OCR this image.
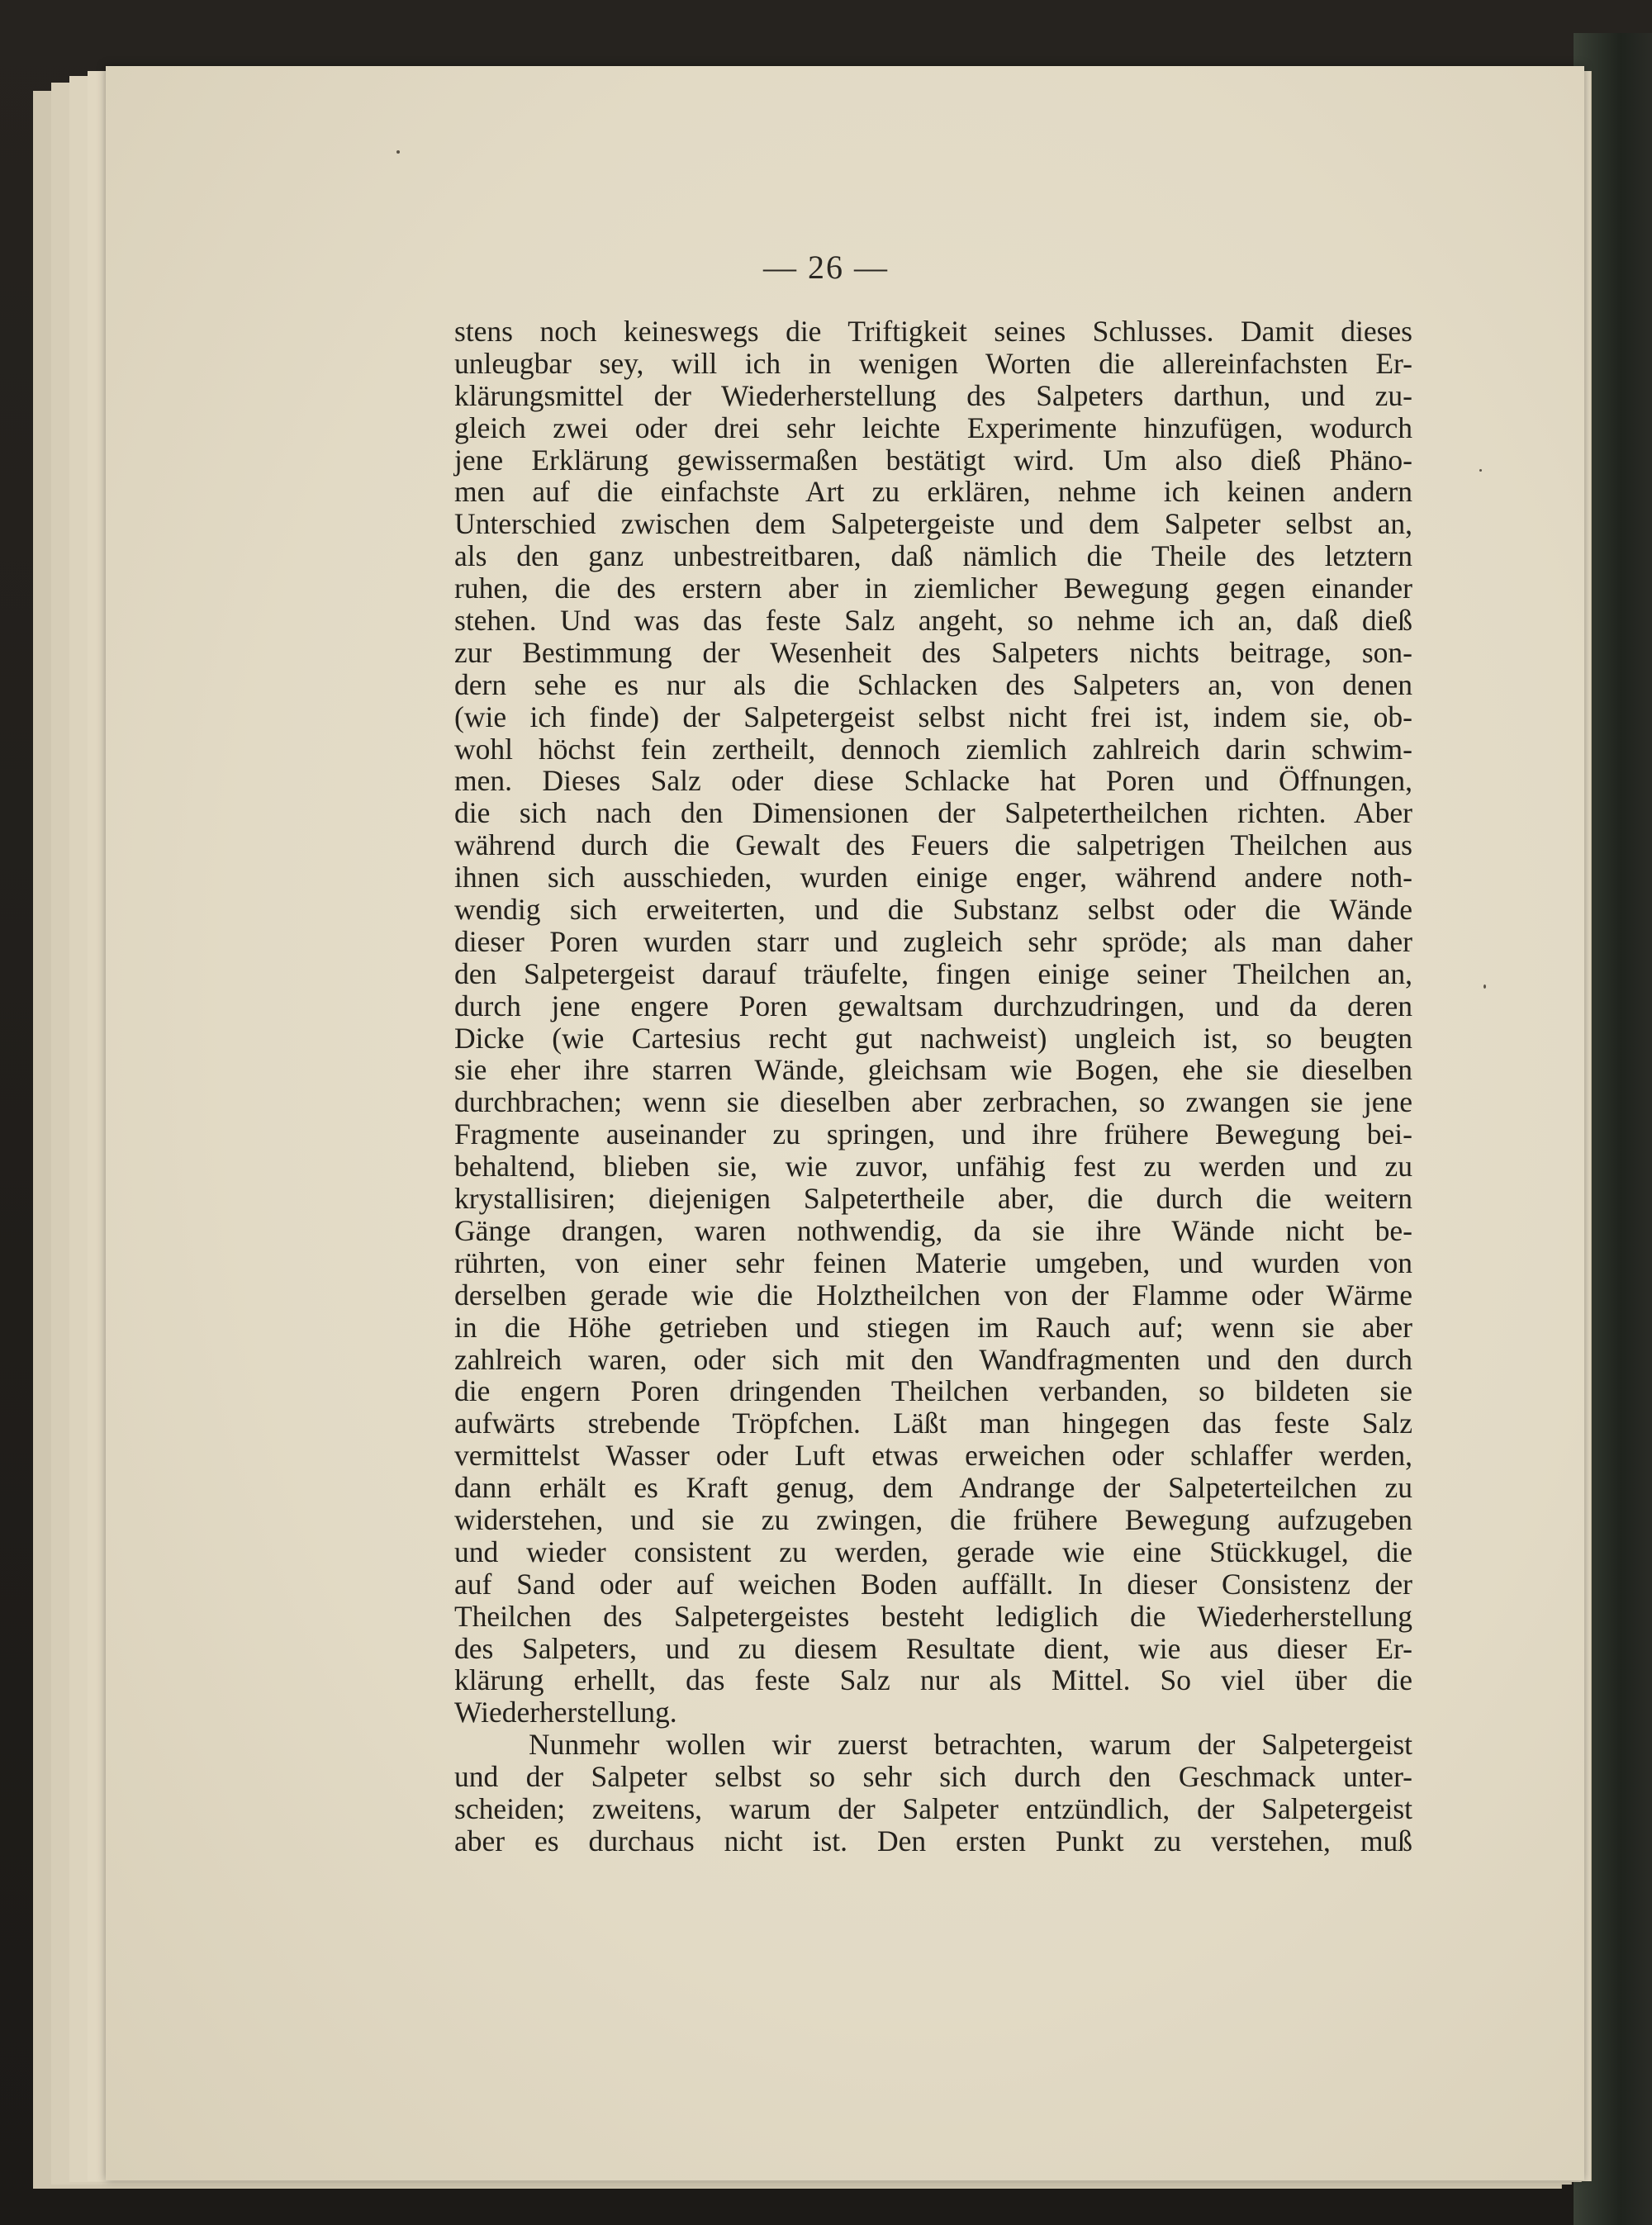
— 26 —
stens noch keineswegs die Triftigkeit seines Schlusses. Damit dieses
unleugbar sey, will ich in wenigen Worten die allereinfachsten Er-
klärungsmittel der Wiederherstellung des Salpeters darthun, und zu-
gleich zwei oder drei sehr leichte Experimente hinzufügen, wodurch
jene Erklärung gewissermaßen bestätigt wird. Um also dieß Phäno-
men auf die einfachste Art zu erklären, nehme ich keinen andern
Unterschied zwischen dem Salpetergeiste und dem Salpeter selbst an,
als den ganz unbestreitbaren, daß nämlich die Theile des letztern
ruhen, die des erstern aber in ziemlicher Bewegung gegen einander
stehen. Und was das feste Salz angeht, so nehme ich an, daß dieß
zur Bestimmung der Wesenheit des Salpeters nichts beitrage, son-
dern sehe es nur als die Schlacken des Salpeters an, von denen
(wie ich finde) der Salpetergeist selbst nicht frei ist, indem sie, ob-
wohl höchst fein zertheilt, dennoch ziemlich zahlreich darin schwim-
men. Dieses Salz oder diese Schlacke hat Poren und Öffnungen,
die sich nach den Dimensionen der Salpetertheilchen richten. Aber
während durch die Gewalt des Feuers die salpetrigen Theilchen aus
ihnen sich ausschieden, wurden einige enger, während andere noth-
wendig sich erweiterten, und die Substanz selbst oder die Wände
dieser Poren wurden starr und zugleich sehr spröde; als man daher
den Salpetergeist darauf träufelte, fingen einige seiner Theilchen an,
durch jene engere Poren gewaltsam durchzudringen, und da deren
Dicke (wie Cartesius recht gut nachweist) ungleich ist, so beugten
sie eher ihre starren Wände, gleichsam wie Bogen, ehe sie dieselben
durchbrachen; wenn sie dieselben aber zerbrachen, so zwangen sie jene
Fragmente auseinander zu springen, und ihre frühere Bewegung bei-
behaltend, blieben sie, wie zuvor, unfähig fest zu werden und zu
krystallisiren; diejenigen Salpetertheile aber, die durch die weitern
Gänge drangen, waren nothwendig, da sie ihre Wände nicht be-
rührten, von einer sehr feinen Materie umgeben, und wurden von
derselben gerade wie die Holztheilchen von der Flamme oder Wärme
in die Höhe getrieben und stiegen im Rauch auf; wenn sie aber
zahlreich waren, oder sich mit den Wandfragmenten und den durch
die engern Poren dringenden Theilchen verbanden, so bildeten sie
aufwärts strebende Tröpfchen. Läßt man hingegen das feste Salz
vermittelst Wasser oder Luft etwas erweichen oder schlaffer werden,
dann erhält es Kraft genug, dem Andrange der Salpeterteilchen zu
widerstehen, und sie zu zwingen, die frühere Bewegung aufzugeben
und wieder consistent zu werden, gerade wie eine Stückkugel, die
auf Sand oder auf weichen Boden auffällt. In dieser Consistenz der
Theilchen des Salpetergeistes besteht lediglich die Wiederherstellung
des Salpeters, und zu diesem Resultate dient, wie aus dieser Er-
klärung erhellt, das feste Salz nur als Mittel. So viel über die
Wiederherstellung.
Nunmehr wollen wir zuerst betrachten, warum der Salpetergeist
und der Salpeter selbst so sehr sich durch den Geschmack unter-
scheiden; zweitens, warum der Salpeter entzündlich, der Salpetergeist
aber es durchaus nicht ist. Den ersten Punkt zu verstehen, muß
